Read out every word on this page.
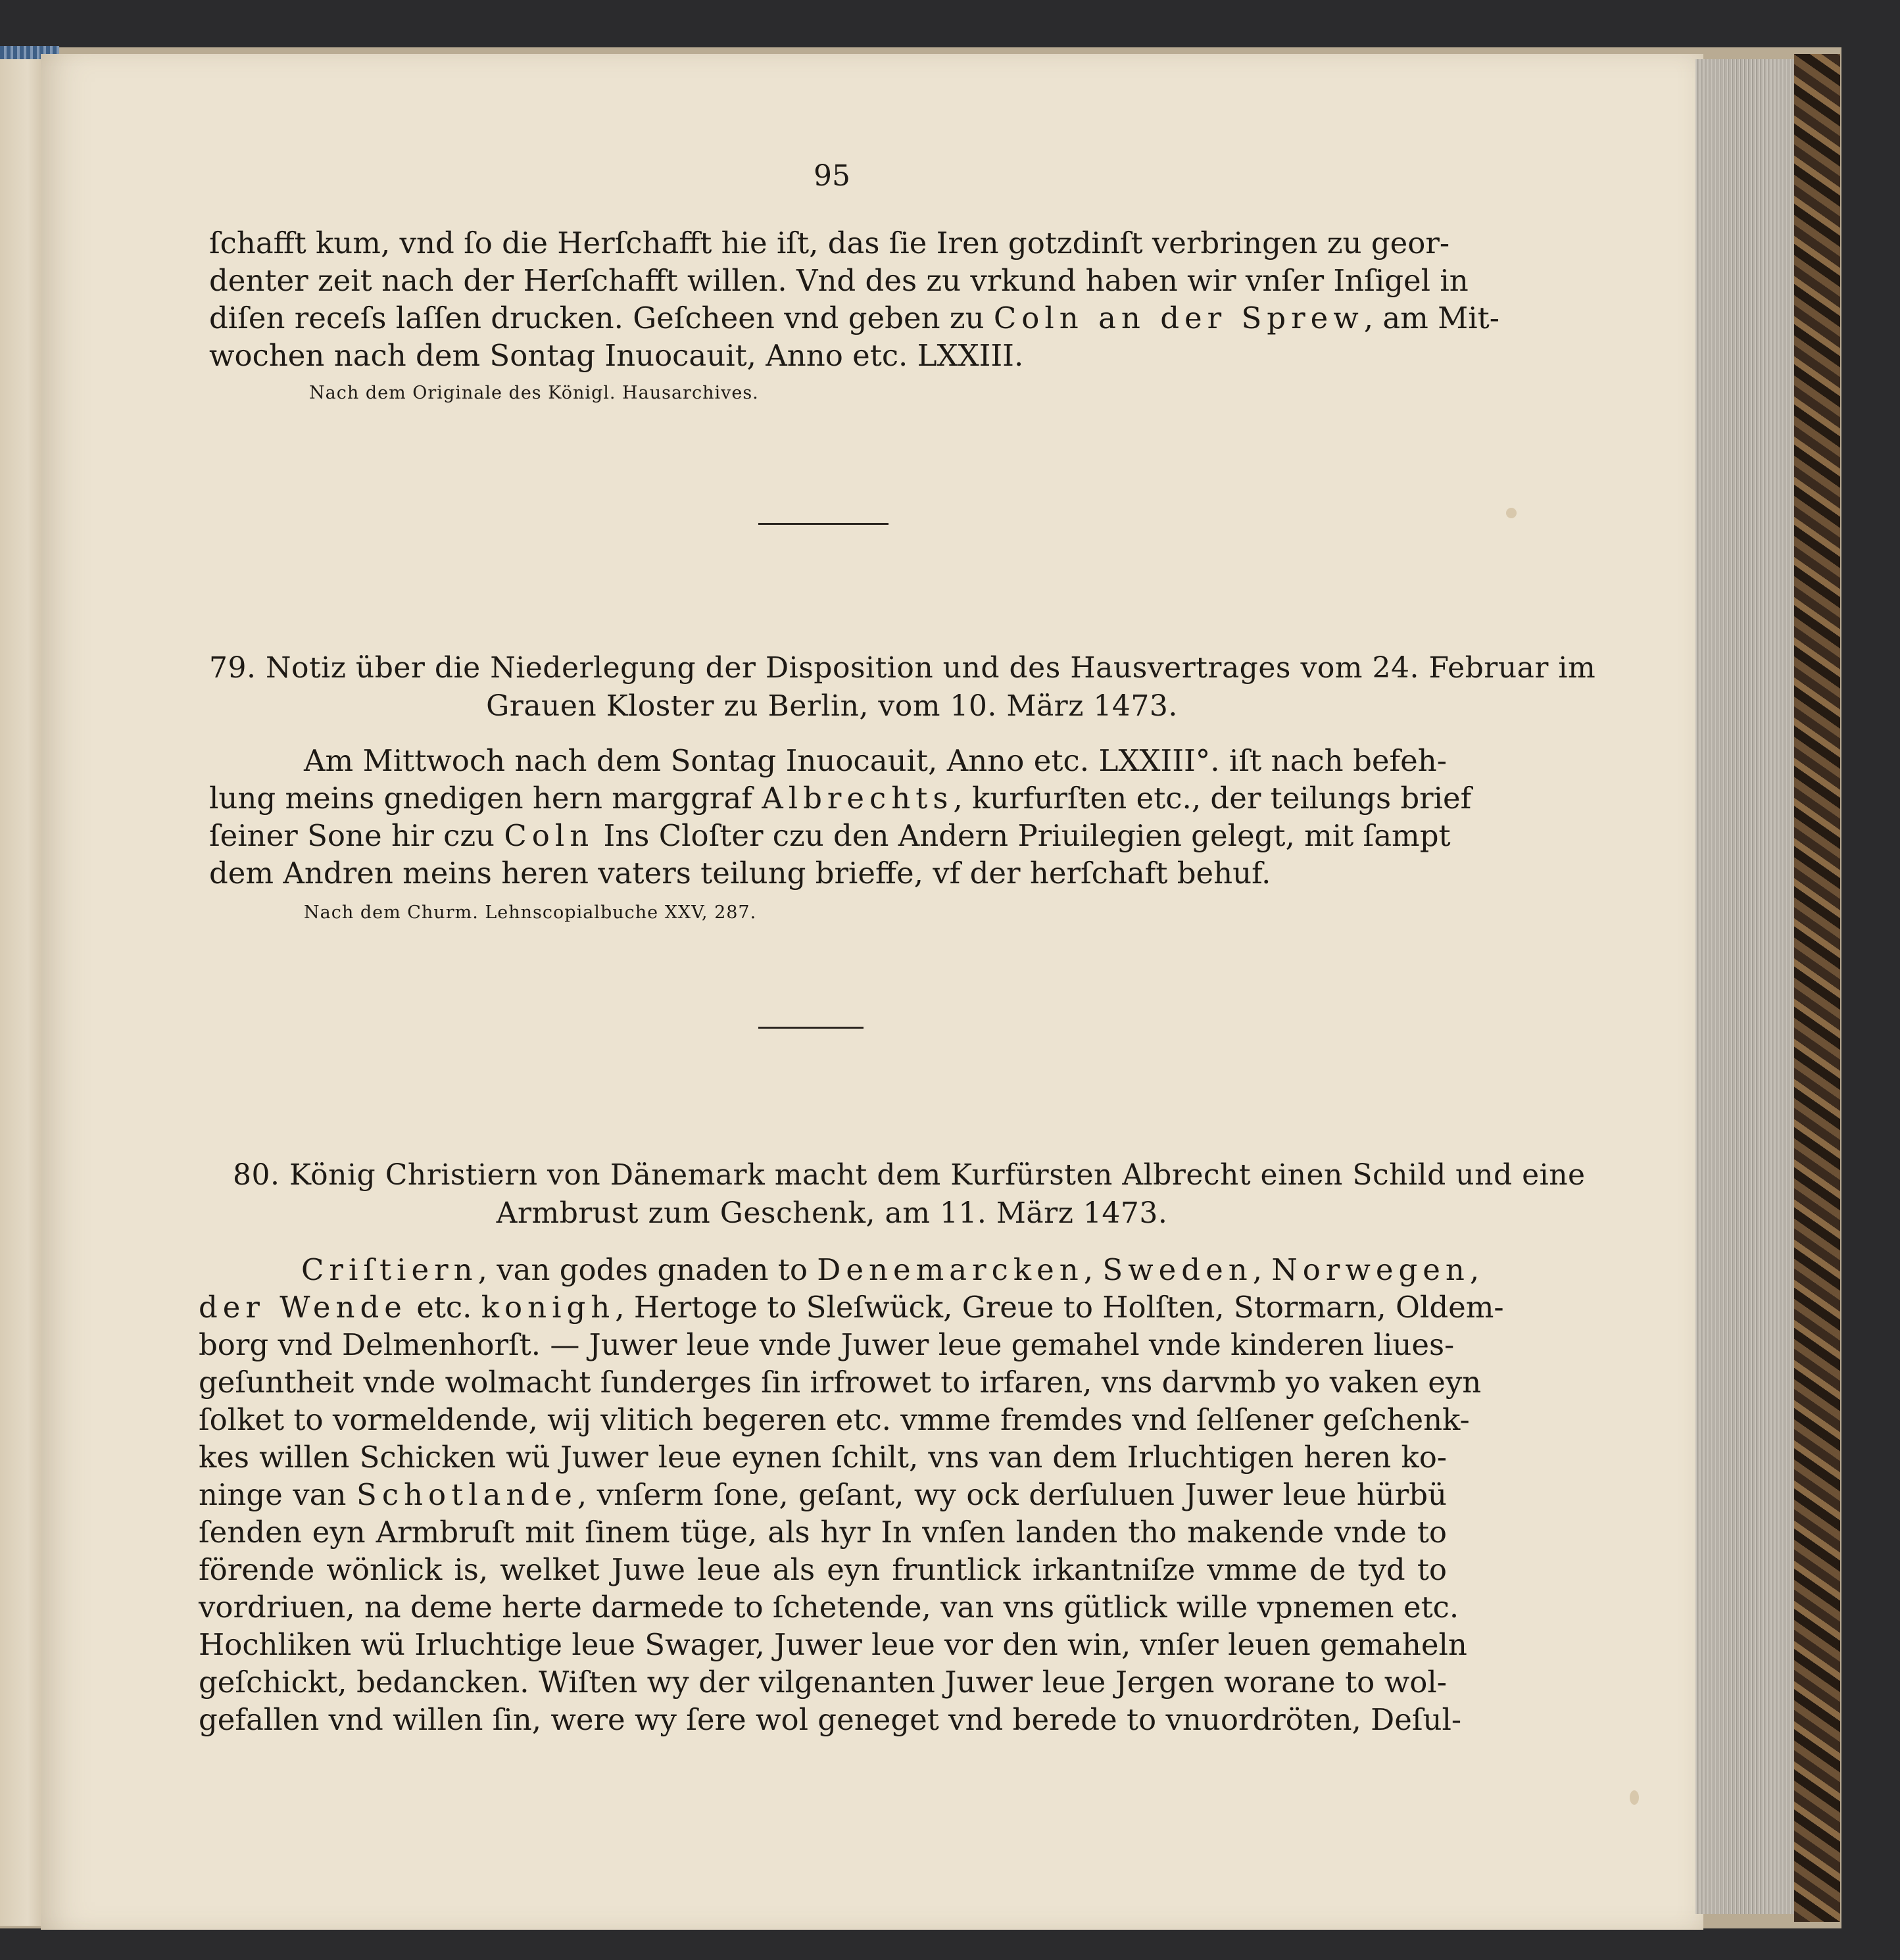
95
ſchafft kum, vnd ſo die Herſchafft hie iſt, das ſie Iren gotzdinſt verbringen zu geor-
denter zeit nach der Herſchafft willen. Vnd des zu vrkund haben wir vnſer Inſigel in
diſen receſs laſſen drucken. Geſcheen vnd geben zu Coln an der Sprew, am Mit-
wochen nach dem Sontag Inuocauit, Anno etc. LXXIII.
Nach dem Originale des Königl. Hausarchives.
79. Notiz über die Niederlegung der Disposition und des Hausvertrages vom 24. Februar im
Grauen Kloster zu Berlin, vom 10. März 1473.
Am Mittwoch nach dem Sontag Inuocauit, Anno etc. LXXIII°. iſt nach befeh-
lung meins gnedigen hern marggraf Albrechts, kurfurſten etc., der teilungs brief
ſeiner Sone hir czu Coln Ins Cloſter czu den Andern Priuilegien gelegt, mit ſampt
dem Andren meins heren vaters teilung brieffe, vf der herſchaft behuf.
Nach dem Churm. Lehnscopialbuche XXV, 287.
80. König Christiern von Dänemark macht dem Kurfürsten Albrecht einen Schild und eine
Armbrust zum Geschenk, am 11. März 1473.
Criſtiern, van godes gnaden to Denemarcken, Sweden, Norwegen,
der Wende etc. konigh, Hertoge to Sleſwück, Greue to Holſten, Stormarn, Oldem-
borg vnd Delmenhorſt. — Juwer leue vnde Juwer leue gemahel vnde kinderen liues-
geſuntheit vnde wolmacht ſunderges ſin irfrowet to irfaren, vns darvmb yo vaken eyn
ſolket to vormeldende, wij vlitich begeren etc. vmme fremdes vnd ſelſener geſchenk-
kes willen Schicken wü Juwer leue eynen ſchilt, vns van dem Irluchtigen heren ko-
ninge van Schotlande, vnſerm ſone, geſant, wy ock derſuluen Juwer leue hürbü
ſenden eyn Armbruſt mit ſinem tüge, als hyr In vnſen landen tho makende vnde to
förende wönlick is, welket Juwe leue als eyn fruntlick irkantniſze vmme de tyd to
vordriuen, na deme herte darmede to ſchetende, van vns gütlick wille vpnemen etc.
Hochliken wü Irluchtige leue Swager, Juwer leue vor den win, vnſer leuen gemaheln
geſchickt, bedancken. Wiſten wy der vilgenanten Juwer leue Jergen worane to wol-
gefallen vnd willen ſin, were wy ſere wol geneget vnd berede to vnuordröten, Deſul-
